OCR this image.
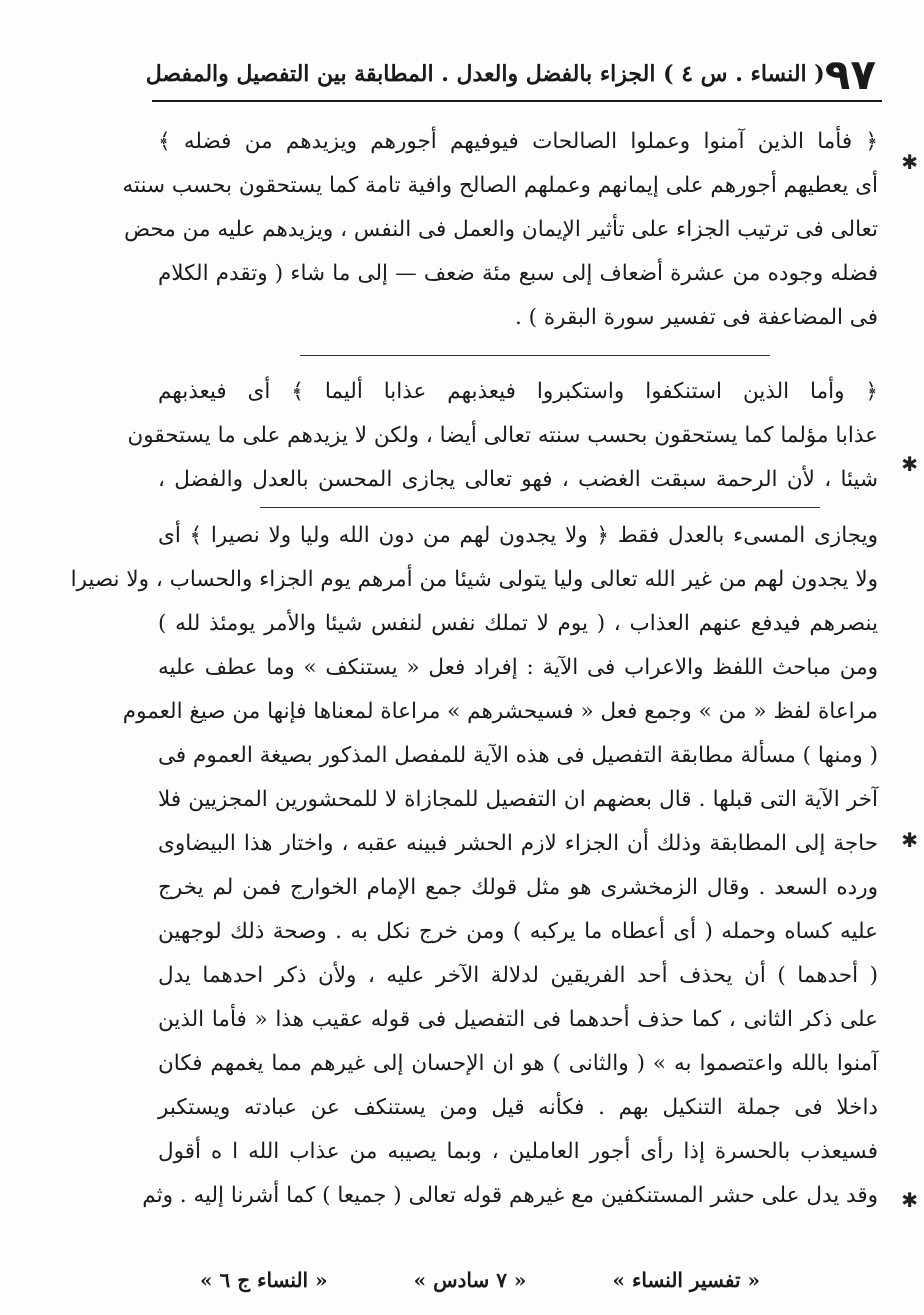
٩٧
( النساء . س ٤ ) الجزاء بالفضل والعدل . المطابقة بين التفصيل والمفصل
﴿ فأما الذين آمنوا وعملوا الصالحات فيوفيهم أجورهم ويزيدهم من فضله ﴾
أى يعطيهم أجورهم على إيمانهم وعملهم الصالح وافية تامة كما يستحقون بحسب سنته
تعالى فى ترتيب الجزاء على تأثير الإيمان والعمل فى النفس ، ويزيدهم عليه من محض
فضله وجوده من عشرة أضعاف إلى سبع مئة ضعف — إلى ما شاء ( وتقدم الكلام
فى المضاعفة فى تفسير سورة البقرة ) .
﴿ وأما الذين استنكفوا واستكبروا فيعذبهم عذابا أليما ﴾ أى فيعذبهم
عذابا مؤلما كما يستحقون بحسب سنته تعالى أيضا ، ولكن لا يزيدهم على ما يستحقون
شيئا ، لأن الرحمة سبقت الغضب ، فهو تعالى يجازى المحسن بالعدل والفضل ،
ويجازى المسىء بالعدل فقط ﴿ ولا يجدون لهم من دون الله وليا ولا نصيرا ﴾ أى
ولا يجدون لهم من غير الله تعالى وليا يتولى شيئا من أمرهم يوم الجزاء والحساب ، ولا نصيرا
ينصرهم فيدفع عنهم العذاب ، ( يوم لا تملك نفس لنفس شيئا والأمر يومئذ لله )
ومن مباحث اللفظ والاعراب فى الآية : إفراد فعل « يستنكف » وما عطف عليه
مراعاة لفظ « من » وجمع فعل « فسيحشرهم » مراعاة لمعناها فإنها من صيغ العموم
( ومنها ) مسألة مطابقة التفصيل فى هذه الآية للمفصل المذكور بصيغة العموم فى
آخر الآية التى قبلها . قال بعضهم ان التفصيل للمجازاة لا للمحشورين المجزيين فلا
حاجة إلى المطابقة وذلك أن الجزاء لازم الحشر فبينه عقبه ، واختار هذا البيضاوى
ورده السعد . وقال الزمخشرى هو مثل قولك جمع الإمام الخوارج فمن لم يخرج
عليه كساه وحمله ( أى أعطاه ما يركبه ) ومن خرج نكل به . وصحة ذلك لوجهين
( أحدهما ) أن يحذف أحد الفريقين لدلالة الآخر عليه ، ولأن ذكر احدهما يدل
على ذكر الثانى ، كما حذف أحدهما فى التفصيل فى قوله عقيب هذا « فأما الذين
آمنوا بالله واعتصموا به » ( والثانى ) هو ان الإحسان إلى غيرهم مما يغمهم فكان
داخلا فى جملة التنكيل بهم . فكأنه قيل ومن يستنكف عن عبادته ويستكبر
فسيعذب بالحسرة إذا رأى أجور العاملين ، وبما يصيبه من عذاب الله ا ه أقول
وقد يدل على حشر المستنكفين مع غيرهم قوله تعالى ( جميعا ) كما أشرنا إليه . وثم
✱
✱
✱
✱
« تفسير النساء »
« ٧ سادس »
« النساء ج ٦ »
